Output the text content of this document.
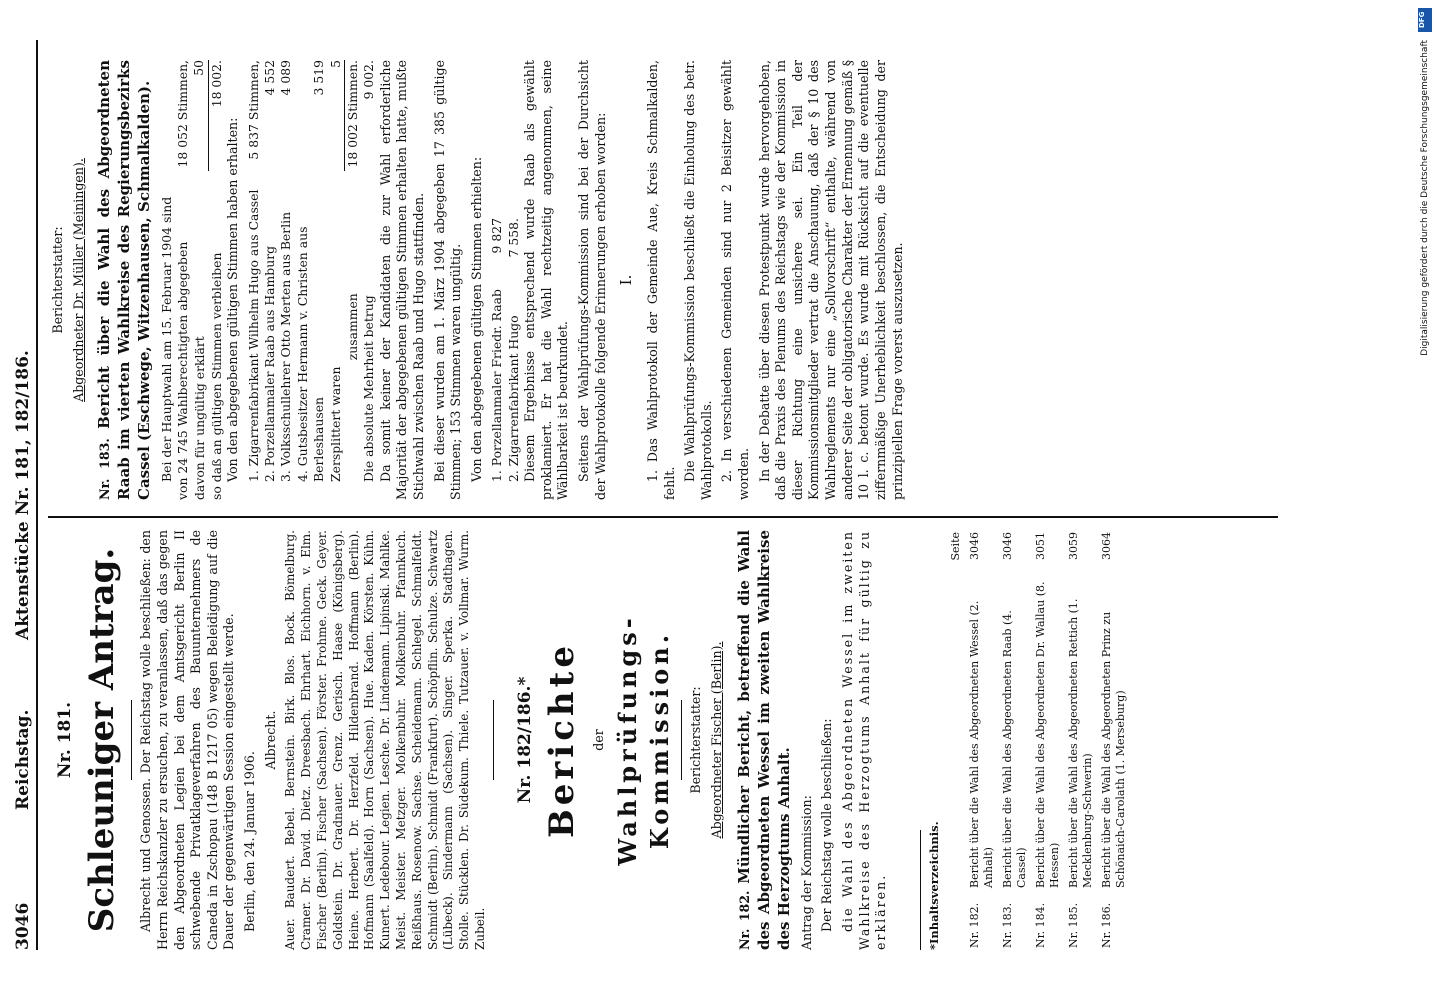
3046
Reichstag.
Aktenstücke Nr. 181, 182/186.
Nr. 181. Schleuniger Antrag. Albrecht und Genossen. Der Reichstag wolle beschließen: den Herrn Reichskanzler zu ersuchen, zu veranlassen, daß das gegen den Abgeordneten Legien bei dem Amtsgericht Berlin II schwebende Privatklageverfahren des Bauunternehmers de Caneda in Zschopau (148 B 1217 05) wegen Beleidigung auf die Dauer der gegenwärtigen Session eingestellt werde. Berlin, den 24. Januar 1906.

Albrecht. Auer. Baudert. Bebel. Bernstein. Birk. Blos. Bock. Bömelburg. Cramer. Dr. David. Dietz. Dreesbach. Ehrhart. Eichhorn. v. Elm. Fischer (Berlin). Fischer (Sachsen). Förster. Frohme. Geck. Geyer. Goldstein. Dr. Gradnauer. Grenz. Gerisch. Haase (Königsberg). Heine. Herbert. Dr. Herzfeld. Hildenbrand. Hoffmann (Berlin). Hofmann (Saalfeld). Horn (Sachsen). Hue. Kaden. Körsten. Kühn. Kunert. Ledebour. Legien. Lesche. Dr. Lindemann. Lipinski. Mahlke. Meist. Meister. Metzger. Molkenbuhr. Molkenbuhr. Pfannkuch. Reißhaus. Rosenow. Sachse. Scheidemann. Schlegel. Schmalfeldt. Schmidt (Berlin). Schmidt (Frankfurt). Schöpflin. Schulze. Schwartz (Lübeck). Sindermann (Sachsen). Singer. Sperka. Stadthagen. Stolle. Stücklen. Dr. Südekum. Thiele. Tutzauer. v. Vollmar. Wurm. Zubeil.

Nr. 182/186.* Berichte der Wahlprüfungs-Kommission. Berichterstatter: Abgeordneter Fischer (Berlin).

Nr. 182. Mündlicher Bericht, betreffend die Wahl des Abgeordneten Wessel im zweiten Wahlkreise des Herzogtums Anhalt. Antrag der Kommission: Der Reichstag wolle beschließen: die Wahl des Abgeordneten Wessel im zweiten Wahlkreise des Herzogtums Anhalt für gültig zu erklären.	*Inhaltsverzeichnis.

		Seite
Nr. 182.	Bericht über die Wahl des Abgeordneten Wessel (2. Anhalt)	3046
Nr. 183.	Bericht über die Wahl des Abgeordneten Raab (4. Cassel)	3046
Nr. 184.	Bericht über die Wahl des Abgeordneten Dr. Wallau (8. Hessen)	3051
Nr. 185.	Bericht über die Wahl des Abgeordneten Rettich (1. Mecklenburg-Schwerin)	3059
Nr. 186.	Bericht über die Wahl des Abgeordneten Prinz zu Schönaich-Carolath (1. Merseburg)	3064

Berichterstatter: Abgeordneter Dr. Müller (Meiningen).

Nr. 183. Bericht über die Wahl des Abgeordneten Raab im vierten Wahlkreise des Regierungsbezirks Cassel (Eschwege, Witzenhausen, Schmalkalden). Bei der Hauptwahl am 15. Februar 1904 sind von 24 745 Wahlberechtigten abgegeben	18 052 Stimmen,
davon für ungültig erklärt	50
so daß an gültigen Stimmen verbleiben	18 002.

Von den abgegebenen gültigen Stimmen haben erhalten: 1. Zigarrenfabrikant Wilhelm Hugo aus Cassel	5 837 Stimmen,
2. Porzellanmaler Raab aus Hamburg	4 552
3. Volksschullehrer Otto Merten aus Berlin	4 089
4. Gutsbesitzer Hermann v. Christen aus Berleshausen	3 519
Zersplittert waren	5
zusammen	18 002 Stimmen.
Die absolute Mehrheit betrug	9 002. Da somit keiner der Kandidaten die zur Wahl erforderliche Majorität der abgegebenen gültigen Stimmen erhalten hatte, mußte Stichwahl zwischen Raab und Hugo stattfinden. Bei dieser wurden am 1. März 1904 abgegeben 17 385 gültige Stimmen; 153 Stimmen waren ungültig. Von den abgegebenen gültigen Stimmen erhielten: 1. Porzellanmaler Friedr. Raab	9 827
2. Zigarrenfabrikant Hugo	7 558. Diesem Ergebnisse entsprechend wurde Raab als gewählt proklamiert. Er hat die Wahl rechtzeitig angenommen, seine Wählbarkeit ist beurkundet. Seitens der Wahlprüfungs-Kommission sind bei der Durchsicht der Wahlprotokolle folgende Erinnerungen erhoben worden: I. 1. Das Wahlprotokoll der Gemeinde Aue, Kreis Schmalkalden, fehlt.

Die Wahlprüfungs-Kommission beschließt die Einholung des betr. Wahlprotokolls. 2. In verschiedenen Gemeinden sind nur 2 Beisitzer gewählt worden. In der Debatte über diesen Protestpunkt wurde hervorgehoben, daß die Praxis des Plenums des Reichstags wie der Kommission in dieser Richtung eine unsichere sei. Ein Teil der Kommissionsmitglieder vertrat die Anschauung, daß der § 10 des Wahlreglements nur eine „Sollvorschrift“ enthalte, während von anderer Seite der obligatorische Charakter der Ernennung gemäß § 10 l. c. betont wurde. Es wurde mit Rücksicht auf die eventuelle ziffernmäßige Unerheblichkeit beschlossen, die Entscheidung der prinzipiellen Frage vorerst auszusetzen.

DFG
Digitalisierung gefördert durch die Deutsche Forschungsgemeinschaft
